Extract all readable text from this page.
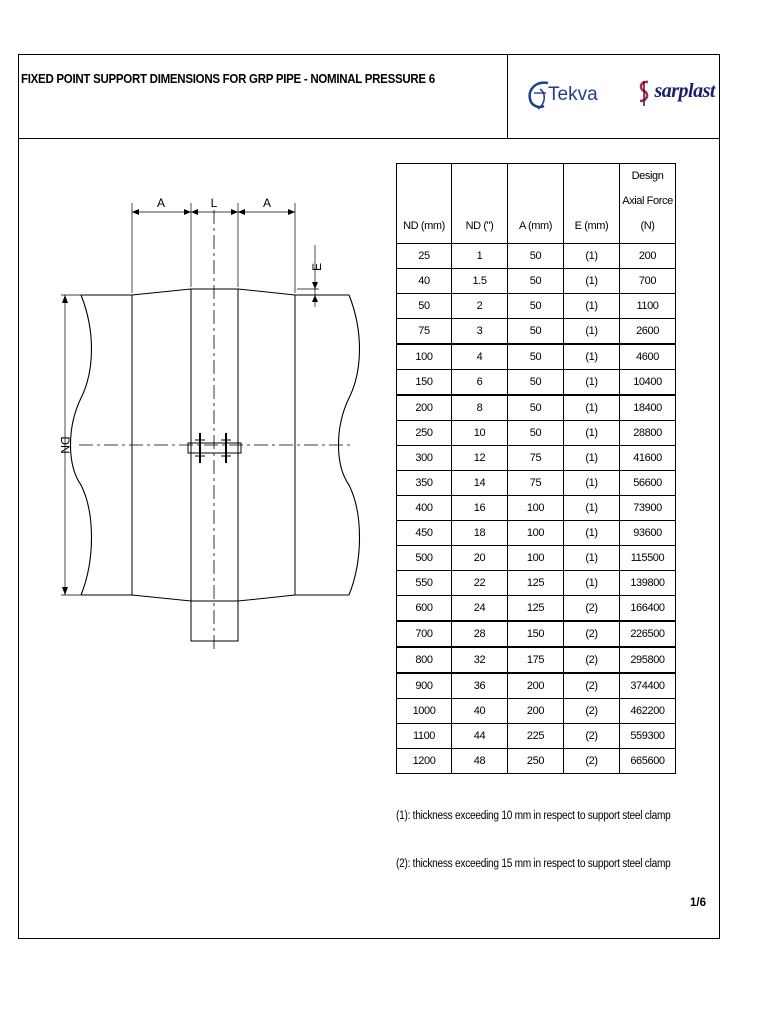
FIXED POINT SUPPORT DIMENSIONS FOR GRP PIPE - NOMINAL PRESSURE 6
Tekva	sarplast
A	L	A
E
DN
ND (mm)	ND (")	A (mm)	E (mm)	Design Axial Force (N)
25	1	50	(1)	200
40	1.5	50	(1)	700
50	2	50	(1)	1100
75	3	50	(1)	2600
100	4	50	(1)	4600
150	6	50	(1)	10400
200	8	50	(1)	18400
250	10	50	(1)	28800
300	12	75	(1)	41600
350	14	75	(1)	56600
400	16	100	(1)	73900
450	18	100	(1)	93600
500	20	100	(1)	115500
550	22	125	(1)	139800
600	24	125	(2)	166400
700	28	150	(2)	226500
800	32	175	(2)	295800
900	36	200	(2)	374400
1000	40	200	(2)	462200
1100	44	225	(2)	559300
1200	48	250	(2)	665600
(1): thickness exceeding 10 mm in respect to support steel clamp
(2): thickness exceeding 15 mm in respect to support steel clamp
1/6
